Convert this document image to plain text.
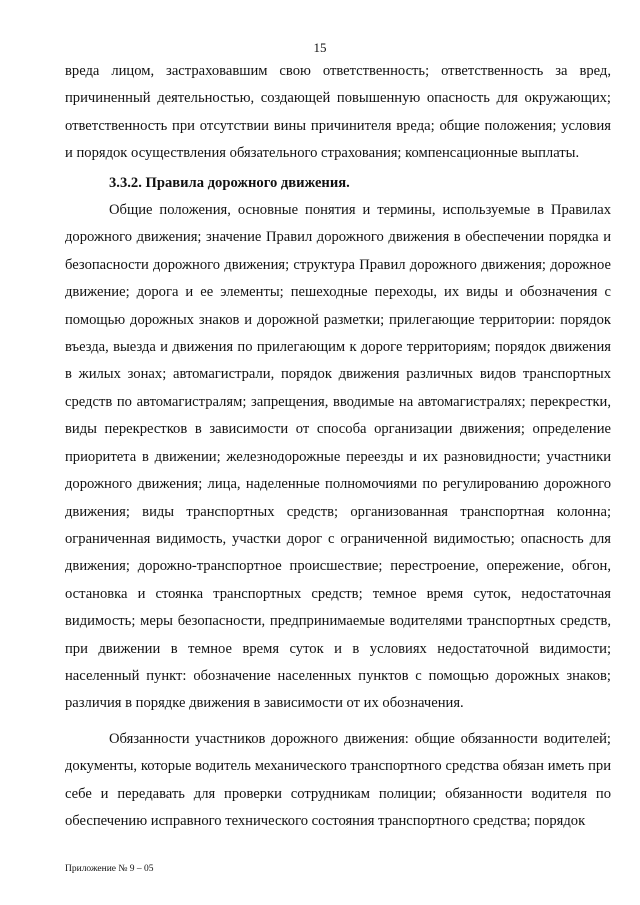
15

вреда лицом, застраховавшим свою ответственность; ответственность за вред, причиненный деятельностью, создающей повышенную опасность для окружающих; ответственность при отсутствии вины причинителя вреда; общие положения; условия и порядок осуществления обязательного страхования; компенсационные выплаты.

3.3.2. Правила дорожного движения.

Общие положения, основные понятия и термины, используемые в Правилах дорожного движения; значение Правил дорожного движения в обеспечении порядка и безопасности дорожного движения; структура Правил дорожного движения; дорожное движение; дорога и ее элементы; пешеходные переходы, их виды и обозначения с помощью дорожных знаков и дорожной разметки; прилегающие территории: порядок въезда, выезда и движения по прилегающим к дороге территориям; порядок движения в жилых зонах; автомагистрали, порядок движения различных видов транспортных средств по автомагистралям; запрещения, вводимые на автомагистралях; перекрестки, виды перекрестков в зависимости от способа организации движения; определение приоритета в движении; железнодорожные переезды и их разновидности; участники дорожного движения; лица, наделенные полномочиями по регулированию дорожного движения; виды транспортных средств; организованная транспортная колонна; ограниченная видимость, участки дорог с ограниченной видимостью; опасность для движения; дорожно-транспортное происшествие; перестроение, опережение, обгон, остановка и стоянка транспортных средств; темное время суток, недостаточная видимость; меры безопасности, предпринимаемые водителями транспортных средств, при движении в темное время суток и в условиях недостаточной видимости; населенный пункт: обозначение населенных пунктов с помощью дорожных знаков; различия в порядке движения в зависимости от их обозначения.

Обязанности участников дорожного движения: общие обязанности водителей; документы, которые водитель механического транспортного средства обязан иметь при себе и передавать для проверки сотрудникам полиции; обязанности водителя по обеспечению исправного технического состояния транспортного средства; порядок

Приложение № 9 – 05
